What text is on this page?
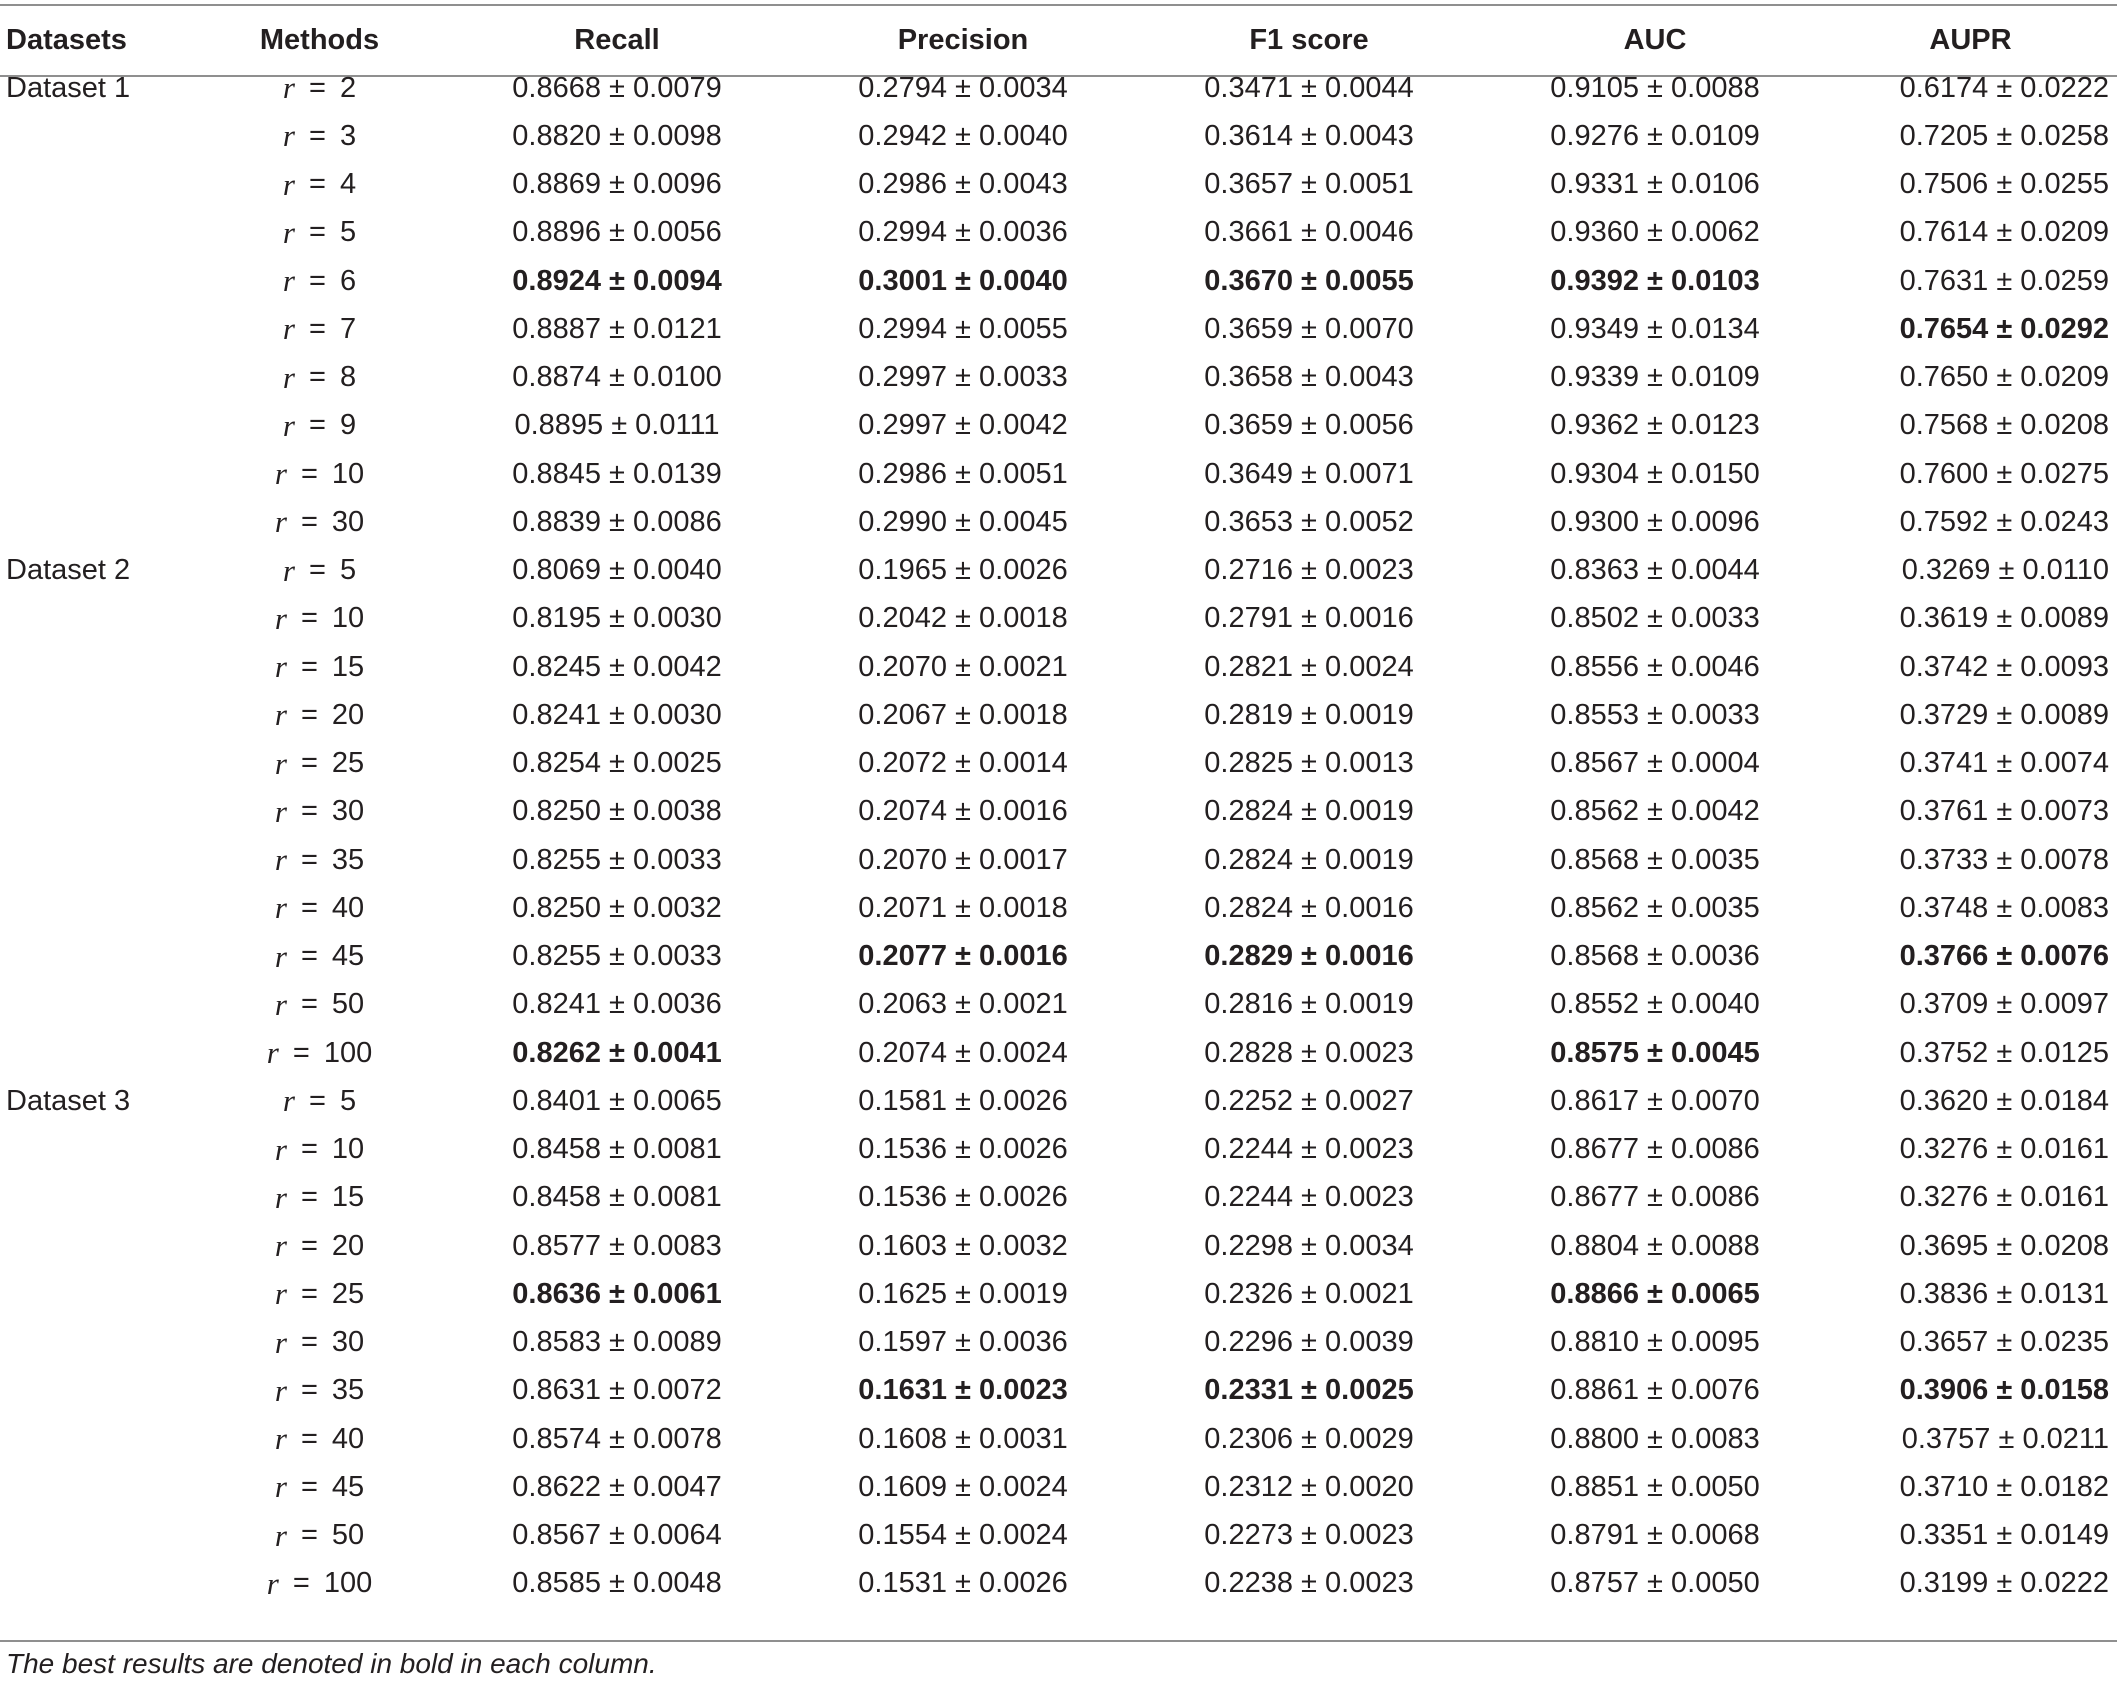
Datasets	Methods	Recall	Precision	F1 score	AUC	AUPR
Dataset 1	r = 2	0.8668 ± 0.0079	0.2794 ± 0.0034	0.3471 ± 0.0044	0.9105 ± 0.0088	0.6174 ± 0.0222
r = 3	0.8820 ± 0.0098	0.2942 ± 0.0040	0.3614 ± 0.0043	0.9276 ± 0.0109	0.7205 ± 0.0258
r = 4	0.8869 ± 0.0096	0.2986 ± 0.0043	0.3657 ± 0.0051	0.9331 ± 0.0106	0.7506 ± 0.0255
r = 5	0.8896 ± 0.0056	0.2994 ± 0.0036	0.3661 ± 0.0046	0.9360 ± 0.0062	0.7614 ± 0.0209
r = 6	0.8924 ± 0.0094	0.3001 ± 0.0040	0.3670 ± 0.0055	0.9392 ± 0.0103	0.7631 ± 0.0259
r = 7	0.8887 ± 0.0121	0.2994 ± 0.0055	0.3659 ± 0.0070	0.9349 ± 0.0134	0.7654 ± 0.0292
r = 8	0.8874 ± 0.0100	0.2997 ± 0.0033	0.3658 ± 0.0043	0.9339 ± 0.0109	0.7650 ± 0.0209
r = 9	0.8895 ± 0.0111	0.2997 ± 0.0042	0.3659 ± 0.0056	0.9362 ± 0.0123	0.7568 ± 0.0208
r = 10	0.8845 ± 0.0139	0.2986 ± 0.0051	0.3649 ± 0.0071	0.9304 ± 0.0150	0.7600 ± 0.0275
r = 30	0.8839 ± 0.0086	0.2990 ± 0.0045	0.3653 ± 0.0052	0.9300 ± 0.0096	0.7592 ± 0.0243
Dataset 2	r = 5	0.8069 ± 0.0040	0.1965 ± 0.0026	0.2716 ± 0.0023	0.8363 ± 0.0044	0.3269 ± 0.0110
r = 10	0.8195 ± 0.0030	0.2042 ± 0.0018	0.2791 ± 0.0016	0.8502 ± 0.0033	0.3619 ± 0.0089
r = 15	0.8245 ± 0.0042	0.2070 ± 0.0021	0.2821 ± 0.0024	0.8556 ± 0.0046	0.3742 ± 0.0093
r = 20	0.8241 ± 0.0030	0.2067 ± 0.0018	0.2819 ± 0.0019	0.8553 ± 0.0033	0.3729 ± 0.0089
r = 25	0.8254 ± 0.0025	0.2072 ± 0.0014	0.2825 ± 0.0013	0.8567 ± 0.0004	0.3741 ± 0.0074
r = 30	0.8250 ± 0.0038	0.2074 ± 0.0016	0.2824 ± 0.0019	0.8562 ± 0.0042	0.3761 ± 0.0073
r = 35	0.8255 ± 0.0033	0.2070 ± 0.0017	0.2824 ± 0.0019	0.8568 ± 0.0035	0.3733 ± 0.0078
r = 40	0.8250 ± 0.0032	0.2071 ± 0.0018	0.2824 ± 0.0016	0.8562 ± 0.0035	0.3748 ± 0.0083
r = 45	0.8255 ± 0.0033	0.2077 ± 0.0016	0.2829 ± 0.0016	0.8568 ± 0.0036	0.3766 ± 0.0076
r = 50	0.8241 ± 0.0036	0.2063 ± 0.0021	0.2816 ± 0.0019	0.8552 ± 0.0040	0.3709 ± 0.0097
r = 100	0.8262 ± 0.0041	0.2074 ± 0.0024	0.2828 ± 0.0023	0.8575 ± 0.0045	0.3752 ± 0.0125
Dataset 3	r = 5	0.8401 ± 0.0065	0.1581 ± 0.0026	0.2252 ± 0.0027	0.8617 ± 0.0070	0.3620 ± 0.0184
r = 10	0.8458 ± 0.0081	0.1536 ± 0.0026	0.2244 ± 0.0023	0.8677 ± 0.0086	0.3276 ± 0.0161
r = 15	0.8458 ± 0.0081	0.1536 ± 0.0026	0.2244 ± 0.0023	0.8677 ± 0.0086	0.3276 ± 0.0161
r = 20	0.8577 ± 0.0083	0.1603 ± 0.0032	0.2298 ± 0.0034	0.8804 ± 0.0088	0.3695 ± 0.0208
r = 25	0.8636 ± 0.0061	0.1625 ± 0.0019	0.2326 ± 0.0021	0.8866 ± 0.0065	0.3836 ± 0.0131
r = 30	0.8583 ± 0.0089	0.1597 ± 0.0036	0.2296 ± 0.0039	0.8810 ± 0.0095	0.3657 ± 0.0235
r = 35	0.8631 ± 0.0072	0.1631 ± 0.0023	0.2331 ± 0.0025	0.8861 ± 0.0076	0.3906 ± 0.0158
r = 40	0.8574 ± 0.0078	0.1608 ± 0.0031	0.2306 ± 0.0029	0.8800 ± 0.0083	0.3757 ± 0.0211
r = 45	0.8622 ± 0.0047	0.1609 ± 0.0024	0.2312 ± 0.0020	0.8851 ± 0.0050	0.3710 ± 0.0182
r = 50	0.8567 ± 0.0064	0.1554 ± 0.0024	0.2273 ± 0.0023	0.8791 ± 0.0068	0.3351 ± 0.0149
r = 100	0.8585 ± 0.0048	0.1531 ± 0.0026	0.2238 ± 0.0023	0.8757 ± 0.0050	0.3199 ± 0.0222
The best results are denoted in bold in each column.
